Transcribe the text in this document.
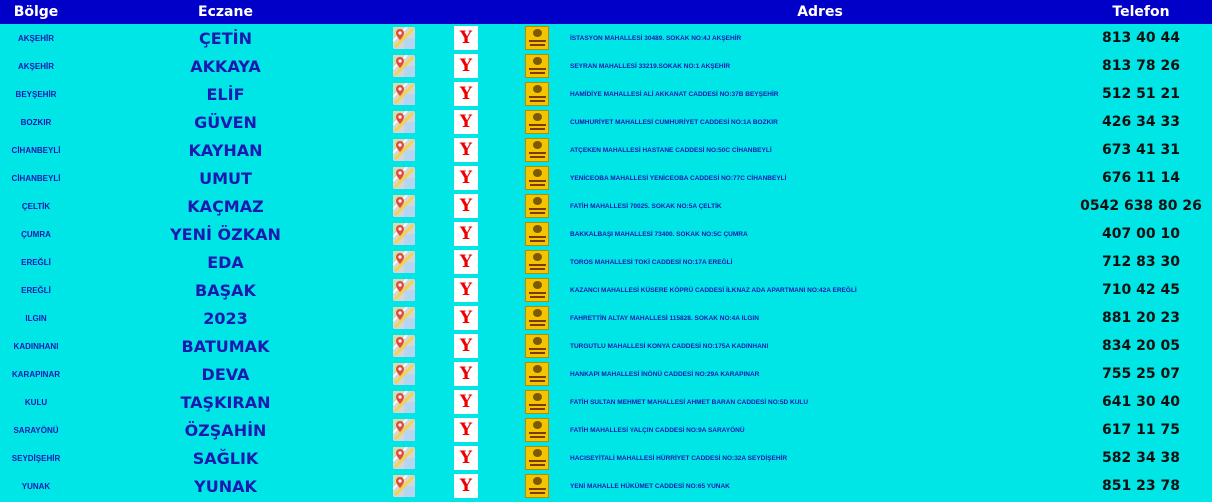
Bölge	Eczane				Adres	Telefon
AKŞEHİR	ÇETİN		Y		İSTASYON MAHALLESİ 30489. SOKAK NO:4J AKŞEHİR	813 40 44
AKŞEHİR	AKKAYA		Y		SEYRAN MAHALLESİ 33219.SOKAK NO:1 AKŞEHİR	813 78 26
BEYŞEHİR	ELİF		Y		HAMİDİYE MAHALLESİ ALİ AKKANAT CADDESİ NO:37B BEYŞEHİR	512 51 21
BOZKIR	GÜVEN		Y		CUMHURİYET MAHALLESİ CUMHURİYET CADDESİ NO:1A BOZKIR	426 34 33
CİHANBEYLİ	KAYHAN		Y		ATÇEKEN MAHALLESİ HASTANE CADDESİ NO:50C CİHANBEYLİ	673 41 31
CİHANBEYLİ	UMUT		Y		YENİCEOBA MAHALLESİ YENİCEOBA CADDESİ NO:77C CİHANBEYLİ	676 11 14
ÇELTİK	KAÇMAZ		Y		FATİH MAHALLESİ 70025. SOKAK NO:5A ÇELTİK	0542 638 80 26
ÇUMRA	YENİ ÖZKAN		Y		BAKKALBAŞI MAHALLESİ 73400. SOKAK NO:5C ÇUMRA	407 00 10
EREĞLİ	EDA		Y		TOROS MAHALLESİ TOKİ CADDESİ NO:17A EREĞLİ	712 83 30
EREĞLİ	BAŞAK		Y		KAZANCI MAHALLESİ KÜSERE KÖPRÜ CADDESİ İLKNAZ ADA APARTMANI NO:42A EREĞLİ	710 42 45
ILGIN	2023		Y		FAHRETTİN ALTAY MAHALLESİ 115828. SOKAK NO:4A ILGIN	881 20 23
KADINHANI	BATUMAK		Y		TURGUTLU MAHALLESİ KONYA CADDESİ NO:175A KADINHANI	834 20 05
KARAPINAR	DEVA		Y		HANKAPI MAHALLESİ İNÖNÜ CADDESİ NO:29A KARAPINAR	755 25 07
KULU	TAŞKIRAN		Y		FATİH SULTAN MEHMET MAHALLESİ AHMET BARAN CADDESİ NO:5D KULU	641 30 40
SARAYÖNÜ	ÖZŞAHİN		Y		FATİH MAHALLESİ YALÇIN CADDESİ NO:9A SARAYÖNÜ	617 11 75
SEYDİŞEHİR	SAĞLIK		Y		HACISEYİTALİ MAHALLESİ HÜRRİYET CADDESİ NO:32A SEYDİŞEHİR	582 34 38
YUNAK	YUNAK		Y		YENİ MAHALLE HÜKÜMET CADDESİ NO:65 YUNAK	851 23 78
